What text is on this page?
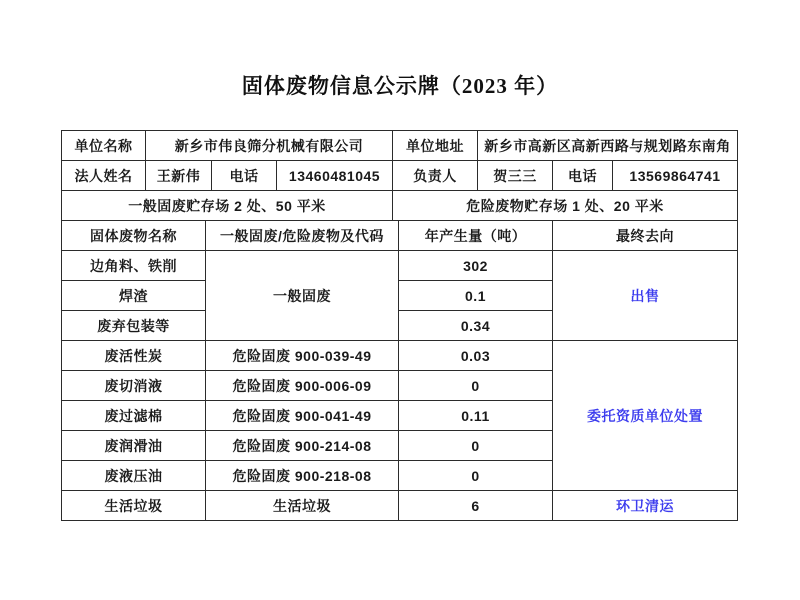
固体废物信息公示牌（2023 年）
单位名称	新乡市伟良筛分机械有限公司				单位地址		新乡市高新区高新西路与规划路东南角		
法人姓名	王新伟		电话	13460481045	负责人		贺三三	电话	13569864741
一般固废贮存场 2 处、50 平米					危险废物贮存场 1 处、20 平米				
固体废物名称		一般固废/危险废物及代码				年产生量（吨）		最终去向	
边角料、铁削		一般固废				302		出售	
焊渣						0.1			
废弃包装等						0.34			
废活性炭		危险固废 900-039-49				0.03		委托资质单位处置	
废切消液		危险固废 900-006-09				0			
废过滤棉		危险固废 900-041-49				0.11			
废润滑油		危险固废 900-214-08				0			
废液压油		危险固废 900-218-08				0			
生活垃圾		生活垃圾				6		环卫清运	
